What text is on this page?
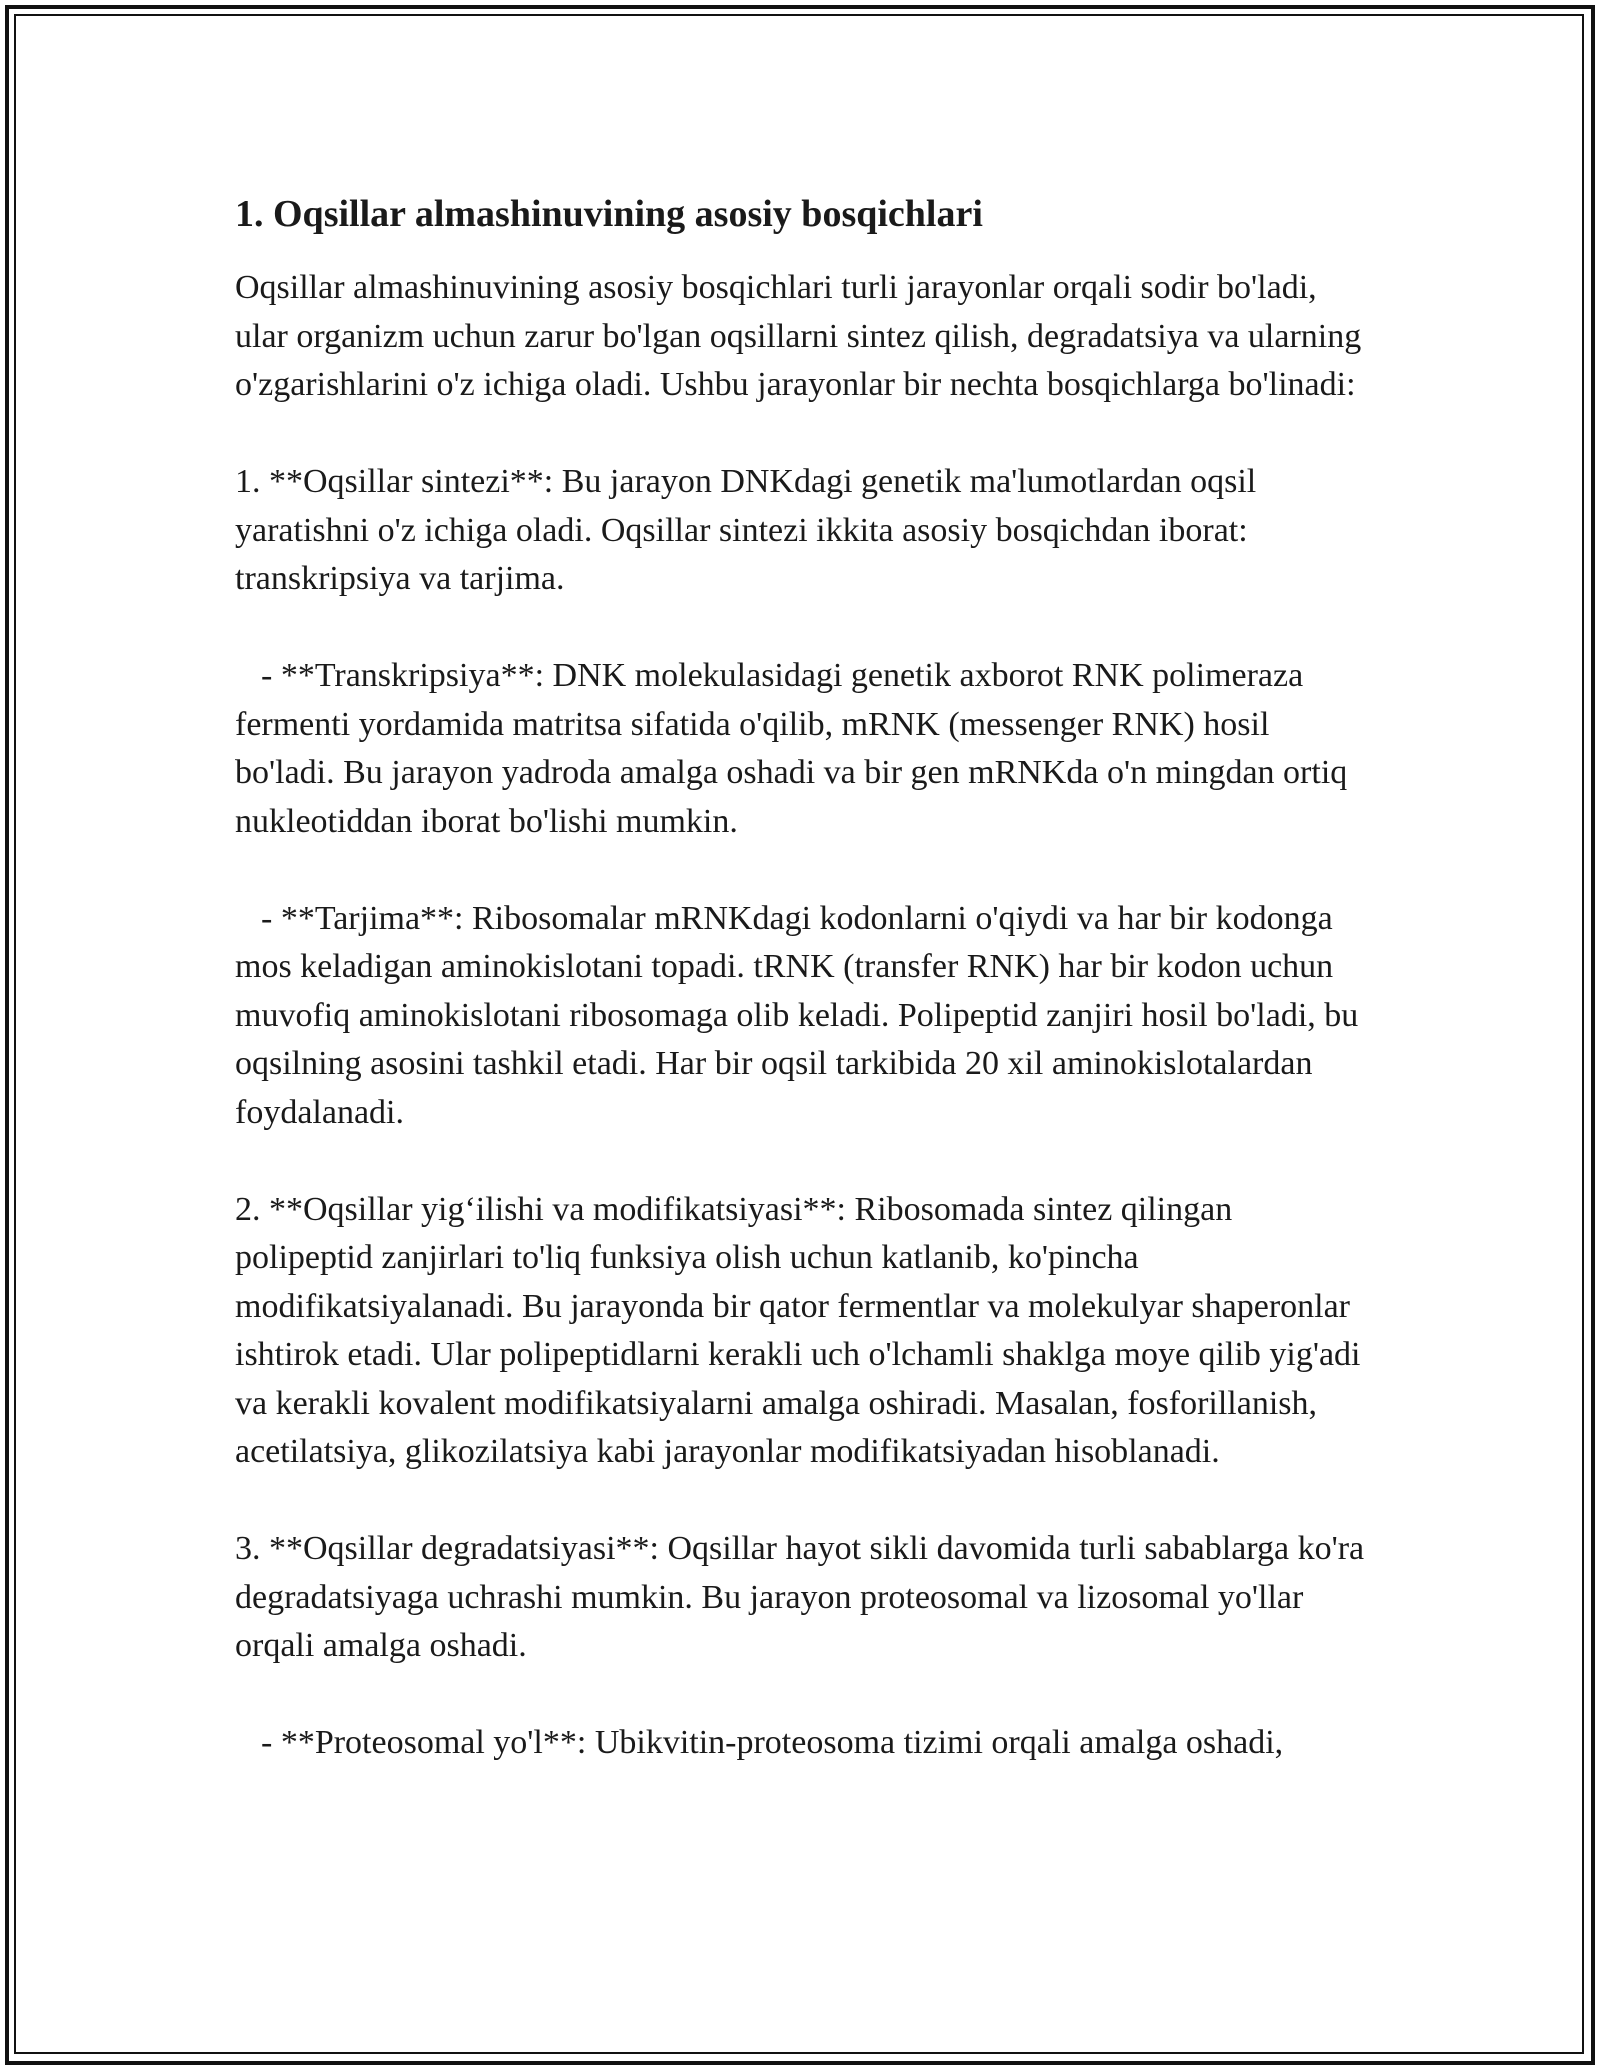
1. Oqsillar almashinuvining asosiy bosqichlari

Oqsillar almashinuvining asosiy bosqichlari turli jarayonlar orqali sodir bo'ladi, ular organizm uchun zarur bo'lgan oqsillarni sintez qilish, degradatsiya va ularning o'zgarishlarini o'z ichiga oladi. Ushbu jarayonlar bir nechta bosqichlarga bo'linadi:

1. **Oqsillar sintezi**: Bu jarayon DNKdagi genetik ma'lumotlardan oqsil yaratishni o'z ichiga oladi. Oqsillar sintezi ikkita asosiy bosqichdan iborat: transkripsiya va tarjima.

- **Transkripsiya**: DNK molekulasidagi genetik axborot RNK polimeraza fermenti yordamida matritsa sifatida o'qilib, mRNK (messenger RNK) hosil bo'ladi. Bu jarayon yadroda amalga oshadi va bir gen mRNKda o'n mingdan ortiq nukleotiddan iborat bo'lishi mumkin.

- **Tarjima**: Ribosomalar mRNKdagi kodonlarni o'qiydi va har bir kodonga mos keladigan aminokislotani topadi. tRNK (transfer RNK) har bir kodon uchun muvofiq aminokislotani ribosomaga olib keladi. Polipeptid zanjiri hosil bo'ladi, bu oqsilning asosini tashkil etadi. Har bir oqsil tarkibida 20 xil aminokislotalardan foydalanadi.

2. **Oqsillar yig‘ilishi va modifikatsiyasi**: Ribosomada sintez qilingan polipeptid zanjirlari to'liq funksiya olish uchun katlanib, ko'pincha modifikatsiyalanadi. Bu jarayonda bir qator fermentlar va molekulyar shaperonlar ishtirok etadi. Ular polipeptidlarni kerakli uch o'lchamli shaklga moye qilib yig'adi va kerakli kovalent modifikatsiyalarni amalga oshiradi. Masalan, fosforillanish, acetilatsiya, glikozilatsiya kabi jarayonlar modifikatsiyadan hisoblanadi.

3. **Oqsillar degradatsiyasi**: Oqsillar hayot sikli davomida turli sabablarga ko'ra degradatsiyaga uchrashi mumkin. Bu jarayon proteosomal va lizosomal yo'llar orqali amalga oshadi.

- **Proteosomal yo'l**: Ubikvitin-proteosoma tizimi orqali amalga oshadi,
